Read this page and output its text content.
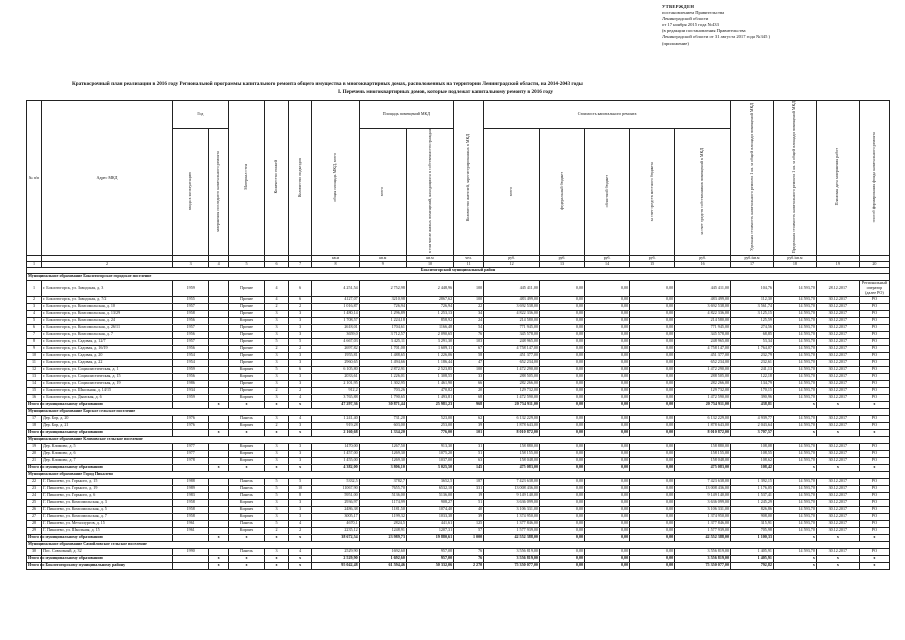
УТВЕРЖДЕН
постановлением Правительства
Ленинградской области
от 17 ноября 2015 года №433
(в редакции постановления Правительства
Ленинградской области от 31 августа 2017 года №345 )
(приложение)
Краткосрочный план реализации в 2016 году Региональной программы капитального ремонта общего имущества в многоквартирных домах, расположенных на территории Ленинградской области, на 2014-2043 годы
I. Перечень многоквартирных домов, которые подлежат капитальному ремонту в 2016 году
№ п/п	Адрес МКД	Год		Материал стен	Количество этажей	Количество подъездов	общая площадь МКД, всего	Площадь помещений МКД		Количество жителей, зарегистрированных в МКД	Стоимость капитального ремонта					Удельная стоимость капитального ремонта 1 кв. м общей площади помещений МКД	Предельная стоимость капитального ремонта 1 кв. м общей площади помещений МКД	Плановая дата завершения работ	способ формирования фонда капитального ремонта
		ввода в эксплуатацию	завершения последнего капитального ремонта					всего	в том числе жилых помещений, находящихся в собственности граждан		всего	федеральный бюджет	областной бюджет	за счет средств местного бюджета	за счет средств собственников помещений в МКД				
							кв.м	кв.м	кв.м	чел.	руб.	руб.	руб.	руб.	руб.	руб./кв.м	руб./кв.м		
1	2	3	4	5	6	7	8	9	10	11	12	13	14	15	16	17	18	19	20
Бокситогорский муниципальный район																			
Муниципальное образование Бокситогорское городское поселение																			
1	г. Бокситогорск, ул. Заводская, д. 3	1959		Прочие	4	6	4 251,54	2 752,98	2 448,96	100	445 411,00	0,00	0,00	0,00	445 411,00	104,76	14 593,70	28.12.2017	Региональный оператор (далее РО)
2	г. Бокситогорск, ул. Заводская, д. 7/2	1955		Прочие	4	6	4127,07	3210,98	2867,62	100	483 499,00	0,00	0,00	0,00	483 499,00	112,30	14 593,70	30.12.2017	РО
3	г. Бокситогорск, ул. Комсомольская, д. 10	1957		Прочие	2	2	1 016,87	726,94	726,94	22	3 692 538,00	0,00	0,00	0,00	3 692 538,00	3 561,74	14 593,70	30.12.2017	РО
4	г. Бокситогорск, ул. Комсомольская, д. 13/29	1958		Прочие	3	3	1 480,14	1 296,89	1 253,13	34	4 822 336,00	0,00	0,00	0,00	4 822 336,00	3 125,15	14 593,70	30.12.2017	РО
5	г. Бокситогорск, ул. Комсомольская, д. 24	1956		Кирпич	3	3	1 708,57	1 224,18	858,92	24	214 580,00	0,00	0,00	0,00	214 580,00	125,59	14 593,70	30.12.2017	РО
6	г. Бокситогорск, ул. Комсомольская, д. 26/11	1957		Прочие	3	3	2618,01	1704,61	1166,48	54	771 945,00	0,00	0,00	0,00	771 945,00	274,56	14 593,70	30.12.2017	РО
7	г. Бокситогорск, ул. Комсомольская, д. 7	1956		Прочие	3	3	3659,0	3 712,57	2 090,65	76	345 578,00	0,00	0,00	0,00	345 578,00	68,85	14 593,70	30.12.2017	РО
8	г. Бокситогорск, ул. Садовая, д. 12/7	1957		Прочие	5	5	4 667,03	3 425,11	3 291,30	103	248 965,00	0,00	0,00	0,00	248 965,00	53,34	14 593,70	30.12.2017	РО
9	г. Бокситогорск, ул. Садовая, д. 16/19	1956		Прочие	2	2	2697,82	1 701,00	1 609,11	67	4 758 147,00	0,00	0,00	0,00	4 758 147,00	1 764,07	14 593,70	30.12.2017	РО
10	г. Бокситогорск, ул. Садовая, д. 20	1954		Прочие	3	3	1955,81	1 488,65	1 226,06	58	451 377,00	0,00	0,00	0,00	451 377,00	232,79	14 593,70	30.12.2017	РО
11	г. Бокситогорск, ул. Садовая, д. 22	1954		Прочие	3	3	2960,65	1 494,66	1 186,44	47	652 234,00	0,00	0,00	0,00	652 234,00	232,61	14 593,70	30.12.2017	РО
12	г. Бокситогорск, ул. Социалистическая, д. 1	1959		Кирпич	5	6	6 105,80	2 872,91	2 523,85	100	1 472 290,00	0,00	0,00	0,00	1 472 290,00	241,13	14 593,70	30.12.2017	РО
13	г. Бокситогорск, ул. Социалистическая, д. 15	1956		Кирпич	3	3	2033,61	1 226,01	1 308,55	33	288 505,00	0,00	0,00	0,00	288 505,00	122,18	14 593,70	30.12.2017	РО
14	г. Бокситогорск, ул. Социалистическая, д. 19	1986		Прочие	3	3	2 101,95	1 302,95	1 461,90	66	282 266,00	0,00	0,00	0,00	282 266,00	134,79	14 593,70	30.12.2017	РО
15	г. Бокситогорск, ул. Школьная, д. 14/15	1934		Прочие	2	2	912,2	703,26	470,82	20	129 732,00	0,00	0,00	0,00	129 732,00	170,15	14 593,70	30.12.2017	РО
16	г. Бокситогорск, ул. Дымская, д. 6	1959		Кирпич	3	4	3 765,88	1 790,65	1 493,81	68	1 472 590,00	0,00	0,00	0,00	1 472 590,00	390,96	14 593,70	30.12.2017	РО
Итого по муниципальному образованию			x	x	x	x	47 297,36	30 871,44	25 981,23	968	20 754 911,00	0,00	0,00	0,00	20 754 911,00	438,81	x	x	x
Муниципальное образование Борское сельское поселение																			
17	Дер. Бор, д. 20	1976		Панель	3	4	1 241,40	731,20	523,00	62	6 132 229,00	0,00	0,00	0,00	6 132 229,00	4 939,77	14 593,70	30.12.2017	РО
18	Дер. Бор, д. 21	1976		Кирпич	2	3	919,28	603,00	253,00	39	1 878 643,00	0,00	0,00	0,00	1 878 643,00	2 043,64	14 593,70	30.12.2017	РО
Итого по муниципальному образованию			x	x	x	x	2 160,68	1 334,20	776,00	101	8 010 872,00	0,00	0,00	0,00	8 010 872,00	3 707,57	x	x	x
Муниципальное образование Климовское сельское поселение																			
19	Дер. Климово, д. 5	1977		Кирпич	3	3	1470,00	1267,50	913,30	31	158 880,00	0,00	0,00	0,00	158 880,00	108,08	14 593,70	30.12.2017	РО
20	Дер. Климово, д. 6	1977		Кирпич	3	3	1 457,00	1269,30	1075,20	51	158 155,00	0,00	0,00	0,00	158 155,00	108,55	14 593,70	30.12.2017	РО
21	Дер. Климово, д. 7	1978		Кирпич	3	3	1 455,00	1269,30	1037,00	63	158 048,00	0,00	0,00	0,00	158 048,00	108,62	14 593,70	30.12.2017	РО
Итого по муниципальному образованию			x	x	x	x	4 382,00	3 806,10	3 025,50	145	475 083,00	0,00	0,00	0,00	475 083,00	108,42	x	x	x
Муниципальное образование Город Пикалево																			
22	Г. Пикалево, ул. Горького, д. 15	1988		Панель	5	5	5332,5	3782,7	3652,5	187	7 423 638,00	0,00	0,00	0,00	7 423 638,00	1 392,15	14 593,70	30.12.2017	РО
23	Г. Пикалево, ул. Горького, д. 19	1989		Панель	5	10	11067,90	7655,70	6532,18	331	13 008 436,00	0,00	0,00	0,00	13 008 436,00	1 176,05	14 593,70	30.12.2017	РО
24	Г. Пикалево, ул. Горького, д. 6	1983		Панель	5	8	5951,00	5136,00	5136,00	19	9 149 140,00	0,00	0,00	0,00	9 149 140,00	1 537,41	14 593,70	30.12.2017	РО
25	Г. Пикалево, ул. Комсомольская, д. 3	1958		Кирпич	3	3	2936,97	1174,99	908,27	51	3 636 099,00	0,00	0,00	0,00	3 636 099,00	1 245,29	14 593,70	30.12.2017	РО
26	Г. Пикалево, ул. Комсомольская, д. 5	1958		Кирпич	3	3	2486,38	1181,50	1074,40	40	3 106 331,00	0,00	0,00	0,00	3 106 331,00	826,86	14 593,70	30.12.2017	РО
27	Г. Пикалево, ул. Комсомольская, д. 7	1958		Кирпич	3	3	3005,17	1199,32	1033,38	39	1 374 950,00	0,00	0,00	0,00	1 374 950,00	908,00	14 593,70	30.12.2017	РО
28	Г. Пикалево, ул. Металлургов, д. 15	1961		Панель	5	4	4670,1	2824,5	441,61	125	1 377 846,00	0,00	0,00	0,00	1 377 846,00	315,91	14 593,70	30.12.2017	РО
29	Г. Пикалево, ул. Школьная, д. 15	1961		Кирпич	2	2	2235,12	1248,91	1207,31	57	1 577 939,00	0,00	0,00	0,00	1 577 939,00	705,98	14 593,70	30.12.2017	РО
Итого по муниципальному образованию			x	x	x	x	38 672,54	23 989,73	19 880,61	1 000	42 552 388,00	0,00	0,00	0,00	42 552 388,00	1 100,33	x	x	x
Муниципальное образование Самойловское сельское поселение																			
30	Пос. Совхозный, д. 32	1990		Панель	3	4	2529,90	1692,60	957,00	76	3 556 819,00	0,00	0,00	0,00	3 556 819,00	1 405,91	14 593,70	30.12.2017	РО
Итого по муниципальному образованию			x	x	x	x	2 529,90	1 692,60	957,00	76	3 556 819,00	0,00	0,00	0,00	3 556 819,00	1 405,91	x	x	x
Итого по Бокситогорскому муниципальному району			x	x	x	x	95 042,48	61 594,46	50 332,06	2 270	75 350 077,00	0,00	0,00	0,00	75 350 077,00	792,82	x	x	x
